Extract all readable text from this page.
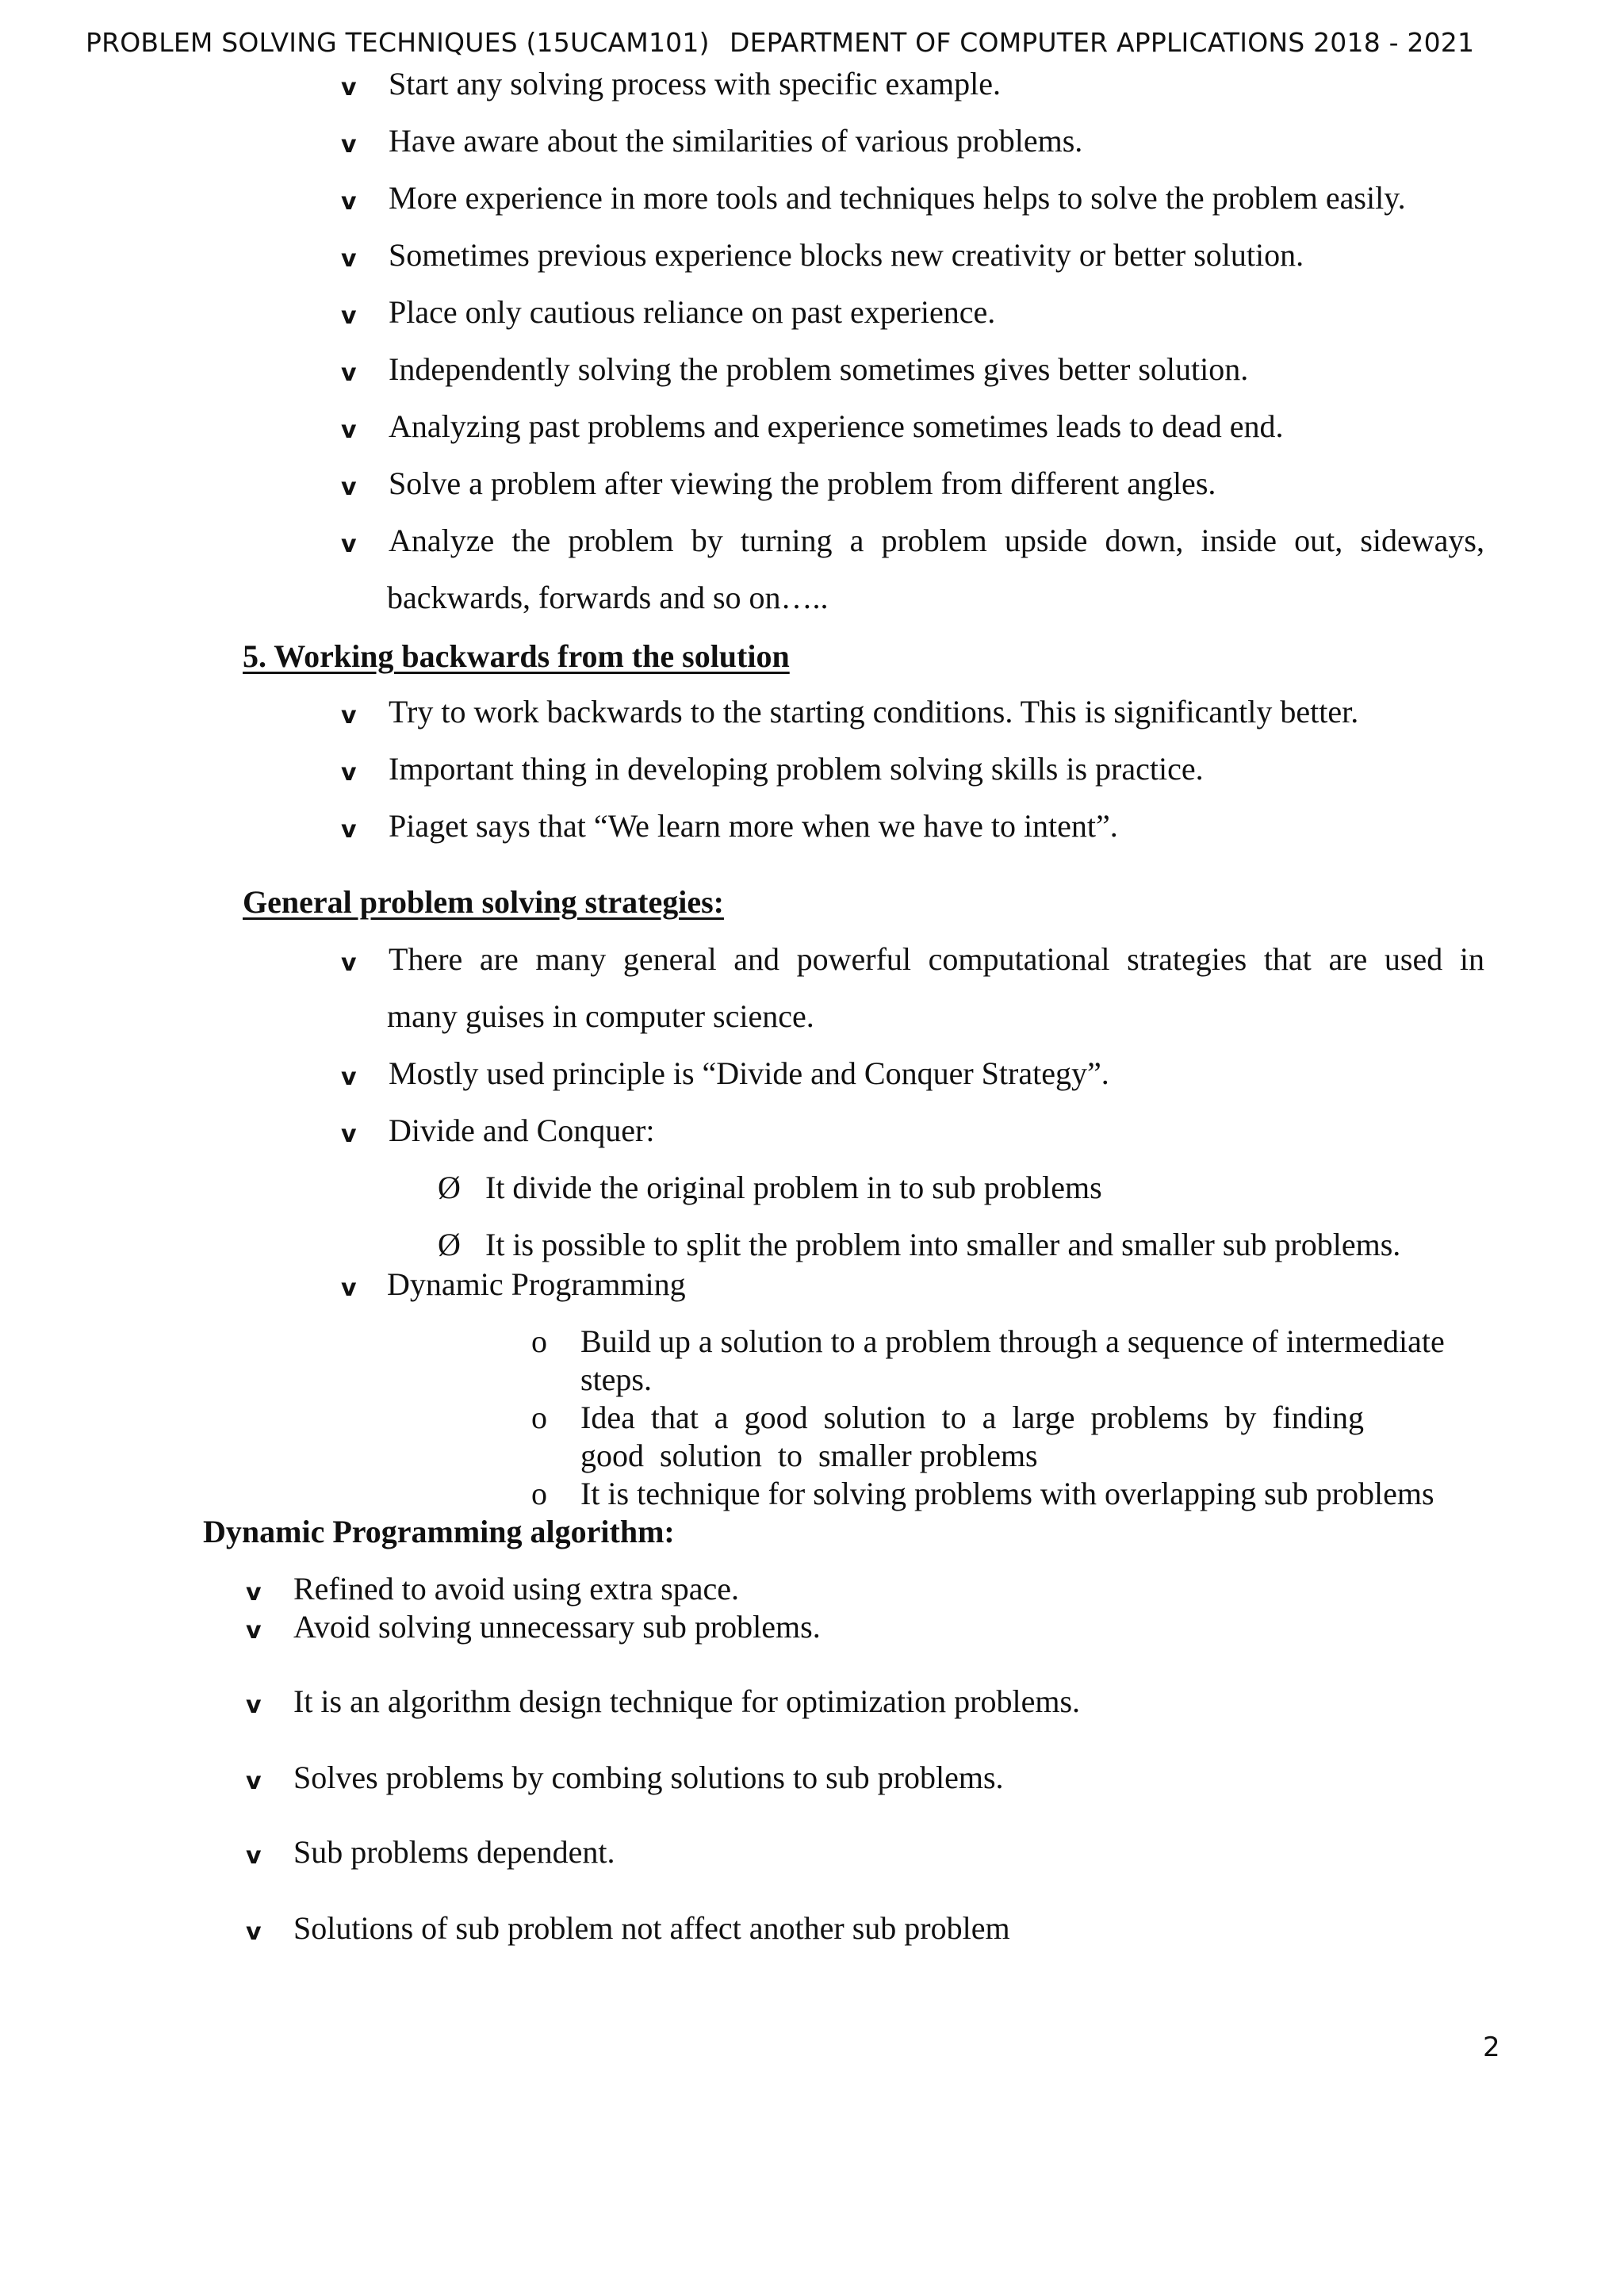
PROBLEM SOLVING TECHNIQUES (15UCAM101) DEPARTMENT OF COMPUTER APPLICATIONS 2018 - 2021
v Start any solving process with specific example.
v Have aware about the similarities of various problems.
v More experience in more tools and techniques helps to solve the problem easily.
v Sometimes previous experience blocks new creativity or better solution.
v Place only cautious reliance on past experience.
v Independently solving the problem sometimes gives better solution.
v Analyzing past problems and experience sometimes leads to dead end.
v Solve a problem after viewing the problem from different angles.
v Analyze the problem by turning a problem upside down, inside out, sideways,
backwards, forwards and so on…..
5. Working backwards from the solution
v Try to work backwards to the starting conditions. This is significantly better.
v Important thing in developing problem solving skills is practice.
v Piaget says that “We learn more when we have to intent”.
General problem solving strategies:
v There are many general and powerful computational strategies that are used in
many guises in computer science.
v Mostly used principle is “Divide and Conquer Strategy”.
v Divide and Conquer:
Ø It divide the original problem in to sub problems
Ø It is possible to split the problem into smaller and smaller sub problems.
v Dynamic Programming
o Build up a solution to a problem through a sequence of intermediate
steps.
o Idea  that  a  good  solution  to  a  large  problems  by  finding
good  solution  to  smaller problems
o It is technique for solving problems with overlapping sub problems
Dynamic Programming algorithm:
v Refined to avoid using extra space.
v Avoid solving unnecessary sub problems.
v It is an algorithm design technique for optimization problems.
v Solves problems by combing solutions to sub problems.
v Sub problems dependent.
v Solutions of sub problem not affect another sub problem
2
